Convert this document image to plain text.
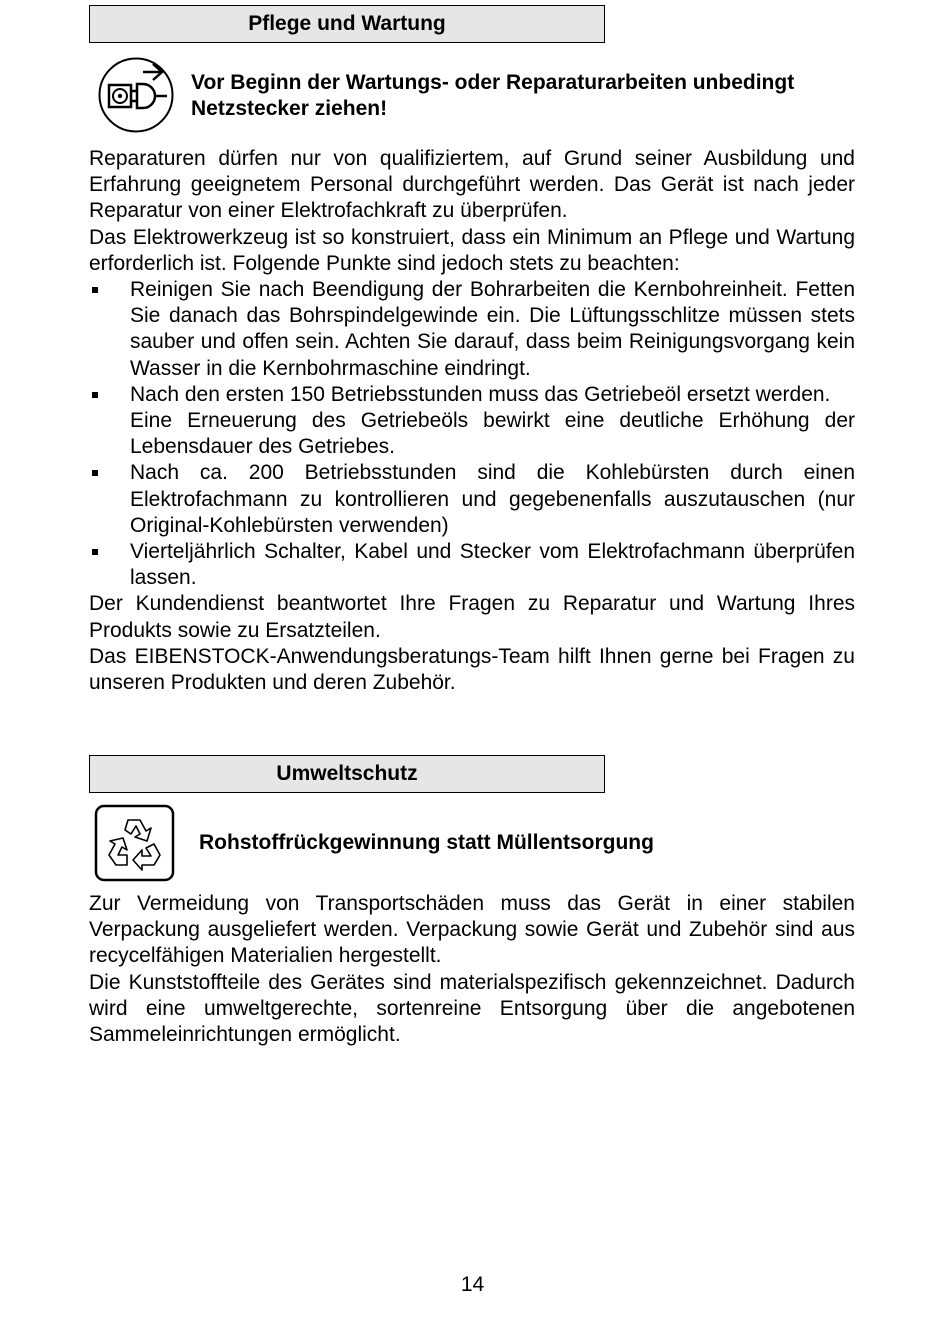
Pflege und Wartung
Vor Beginn der Wartungs- oder Reparaturarbeiten unbedingt Netzstecker ziehen!

Reparaturen dürfen nur von qualifiziertem, auf Grund seiner Ausbildung und Erfahrung geeignetem Personal durchgeführt werden. Das Gerät ist nach jeder Reparatur von einer Elektrofachkraft zu überprüfen.

Das Elektrowerkzeug ist so konstruiert, dass ein Minimum an Pflege und Wartung erforderlich ist. Folgende Punkte sind jedoch stets zu beachten:

Reinigen Sie nach Beendigung der Bohrarbeiten die Kernbohreinheit. Fetten Sie danach das Bohrspindelgewinde ein. Die Lüftungsschlitze müssen stets sauber und offen sein. Achten Sie darauf, dass beim Reinigungsvorgang kein Wasser in die Kernbohrmaschine eindringt.

Nach den ersten 150 Betriebsstunden muss das Getriebeöl ersetzt werden.

Eine Erneuerung des Getriebeöls bewirkt eine deutliche Erhöhung der Lebensdauer des Getriebes.

Nach ca. 200 Betriebsstunden sind die Kohlebürsten durch einen Elektrofachmann zu kontrollieren und gegebenenfalls auszutauschen (nur Original-Kohlebürsten verwenden)

Vierteljährlich Schalter, Kabel und Stecker vom Elektrofachmann überprüfen lassen.

Der Kundendienst beantwortet Ihre Fragen zu Reparatur und Wartung Ihres Produkts sowie zu Ersatzteilen.

Das EIBENSTOCK-Anwendungsberatungs-Team hilft Ihnen gerne bei Fragen zu unseren Produkten und deren Zubehör.

Umweltschutz
Rohstoffrückgewinnung statt Müllentsorgung

Zur Vermeidung von Transportschäden muss das Gerät in einer stabilen Verpackung ausgeliefert werden. Verpackung sowie Gerät und Zubehör sind aus recycelfähigen Materialien hergestellt.

Die Kunststoffteile des Gerätes sind materialspezifisch gekennzeichnet. Dadurch wird eine umweltgerechte, sortenreine Entsorgung über die angebotenen Sammeleinrichtungen ermöglicht.

14
